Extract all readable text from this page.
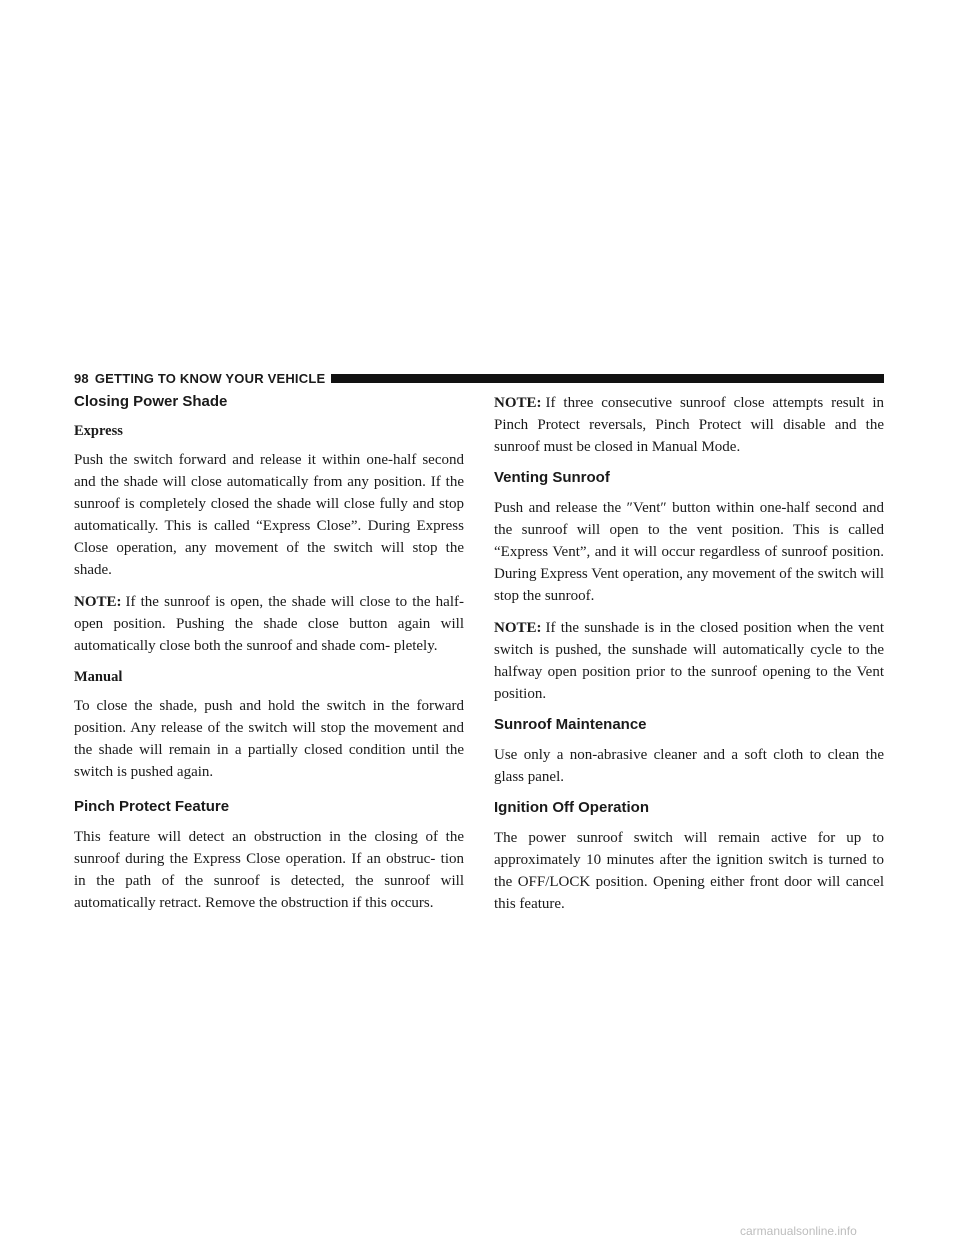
98 GETTING TO KNOW YOUR VEHICLE
Closing Power Shade
Express

Push the switch forward and release it within one-half second and the shade will close automatically from any position. If the sunroof is completely closed the shade will close fully and stop automatically. This is called “Express Close”. During Express Close operation, any movement of the switch will stop the shade.

NOTE: If the sunroof is open, the shade will close to the half-open position. Pushing the shade close button again will automatically close both the sunroof and shade com- pletely.

Manual

To close the shade, push and hold the switch in the forward position. Any release of the switch will stop the movement and the shade will remain in a partially closed condition until the switch is pushed again.

Pinch Protect Feature

This feature will detect an obstruction in the closing of the sunroof during the Express Close operation. If an obstruc- tion in the path of the sunroof is detected, the sunroof will automatically retract. Remove the obstruction if this occurs.

NOTE: If three consecutive sunroof close attempts result in Pinch Protect reversals, Pinch Protect will disable and the sunroof must be closed in Manual Mode.

Venting Sunroof

Push and release the ″Vent″ button within one-half second and the sunroof will open to the vent position. This is called “Express Vent”, and it will occur regardless of sunroof position. During Express Vent operation, any movement of the switch will stop the sunroof.

NOTE: If the sunshade is in the closed position when the vent switch is pushed, the sunshade will automatically cycle to the halfway open position prior to the sunroof opening to the Vent position.

Sunroof Maintenance

Use only a non-abrasive cleaner and a soft cloth to clean the glass panel.

Ignition Off Operation

The power sunroof switch will remain active for up to approximately 10 minutes after the ignition switch is turned to the OFF/LOCK position. Opening either front door will cancel this feature.

carmanualsonline.info
